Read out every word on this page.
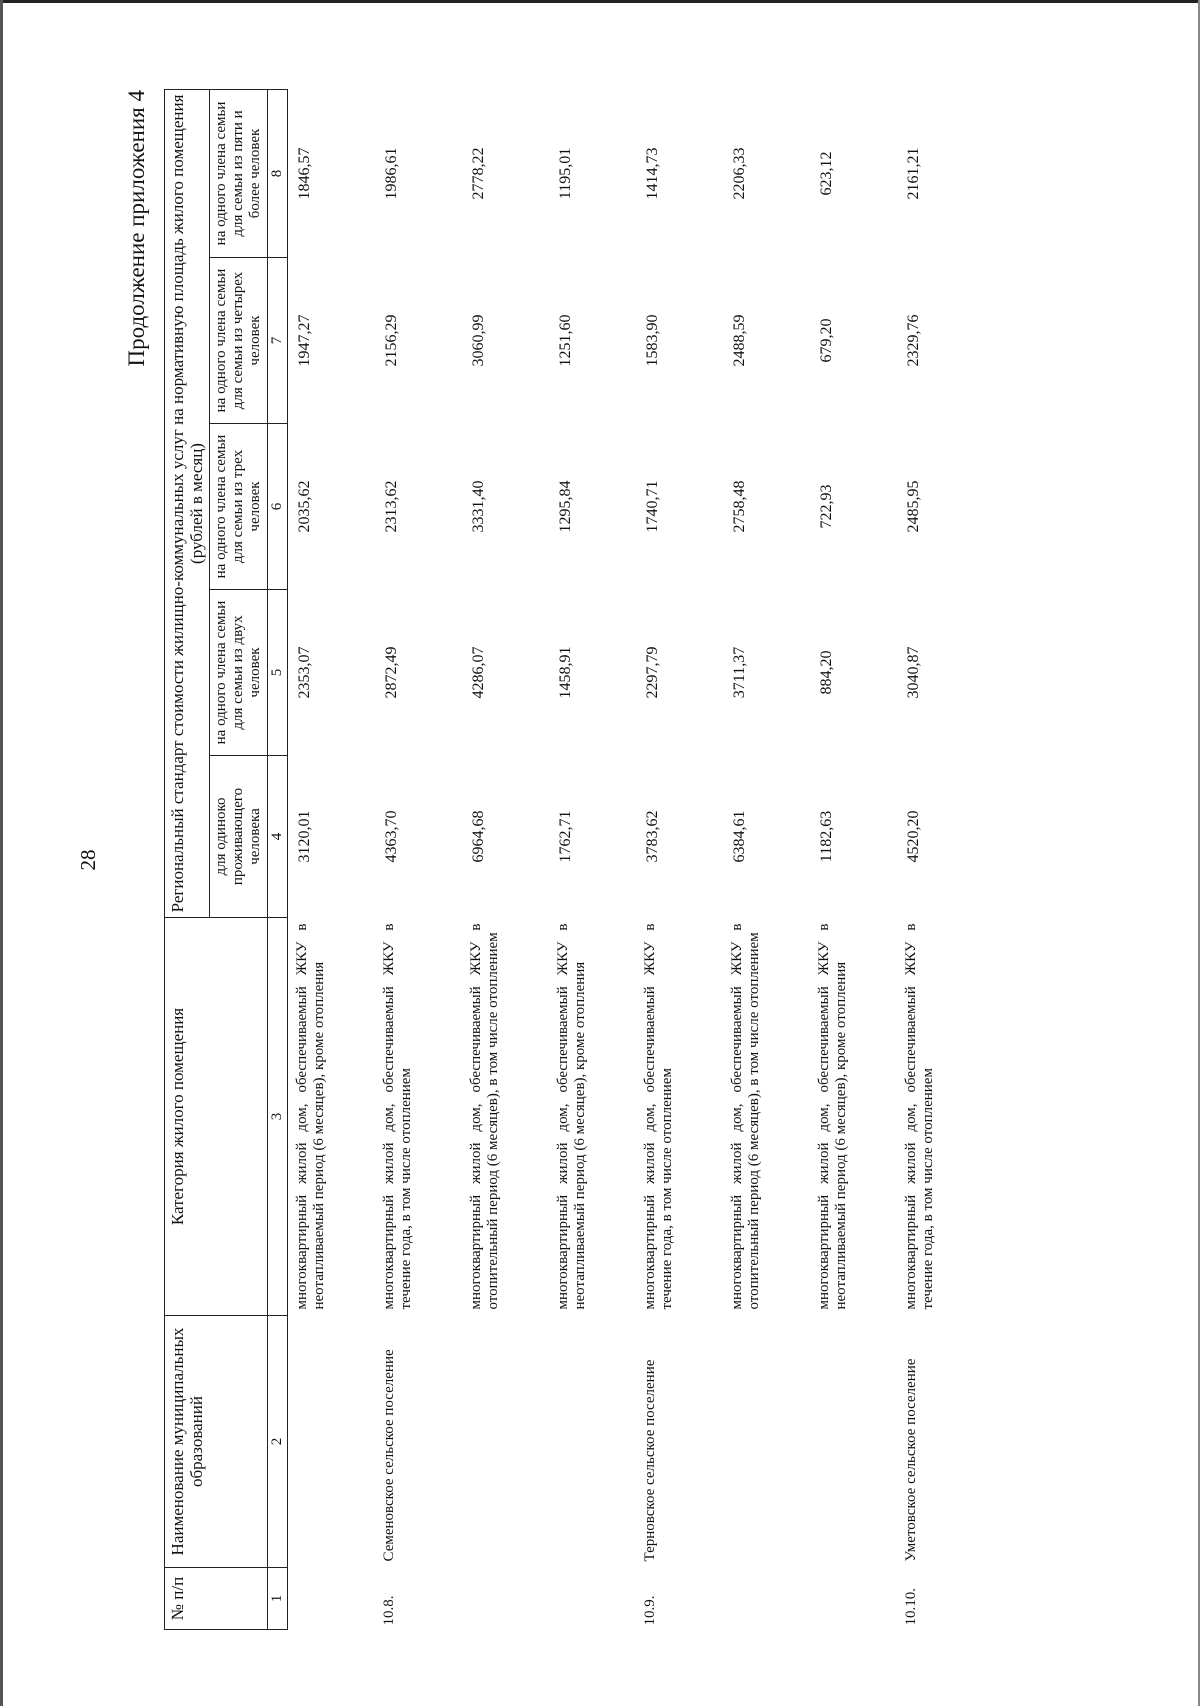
28
Продолжение приложения 4
№ п/п	Наименование муниципальных образований	Категория жилого помещения	Региональный стандарт стоимости жилищно-коммунальных услуг на нормативную площадь жилого помещения (рублей в месяц)				
			для одиноко проживающего человека	на одного члена семьи для семьи из двух человек	на одного члена семьи для семьи из трех человек	на одного члена семьи для семьи из четырех человек	на одного члена семьи для семьи из пяти и более человек
1	2	3	4	5	6	7	8
		многоквартирный жилой дом, обеспечиваемый ЖКУ в неотапливаемый период (6 месяцев), кроме отопления	3120,01	2353,07	2035,62	1947,27	1846,57
10.8.	Семеновское сельское поселение	многоквартирный жилой дом, обеспечиваемый ЖКУ в течение года, в том числе отоплением	4363,70	2872,49	2313,62	2156,29	1986,61
		многоквартирный жилой дом, обеспечиваемый ЖКУ в отопительный период (6 месяцев), в том числе отоплением	6964,68	4286,07	3331,40	3060,99	2778,22
		многоквартирный жилой дом, обеспечиваемый ЖКУ в неотапливаемый период (6 месяцев), кроме отопления	1762,71	1458,91	1295,84	1251,60	1195,01
10.9.	Терновское сельское поселение	многоквартирный жилой дом, обеспечиваемый ЖКУ в течение года, в том числе отоплением	3783,62	2297,79	1740,71	1583,90	1414,73
		многоквартирный жилой дом, обеспечиваемый ЖКУ в отопительный период (6 месяцев), в том числе отоплением	6384,61	3711,37	2758,48	2488,59	2206,33
		многоквартирный жилой дом, обеспечиваемый ЖКУ в неотапливаемый период (6 месяцев), кроме отопления	1182,63	884,20	722,93	679,20	623,12
10.10.	Уметовское сельское поселение	многоквартирный жилой дом, обеспечиваемый ЖКУ в течение года, в том числе отоплением	4520,20	3040,87	2485,95	2329,76	2161,21
